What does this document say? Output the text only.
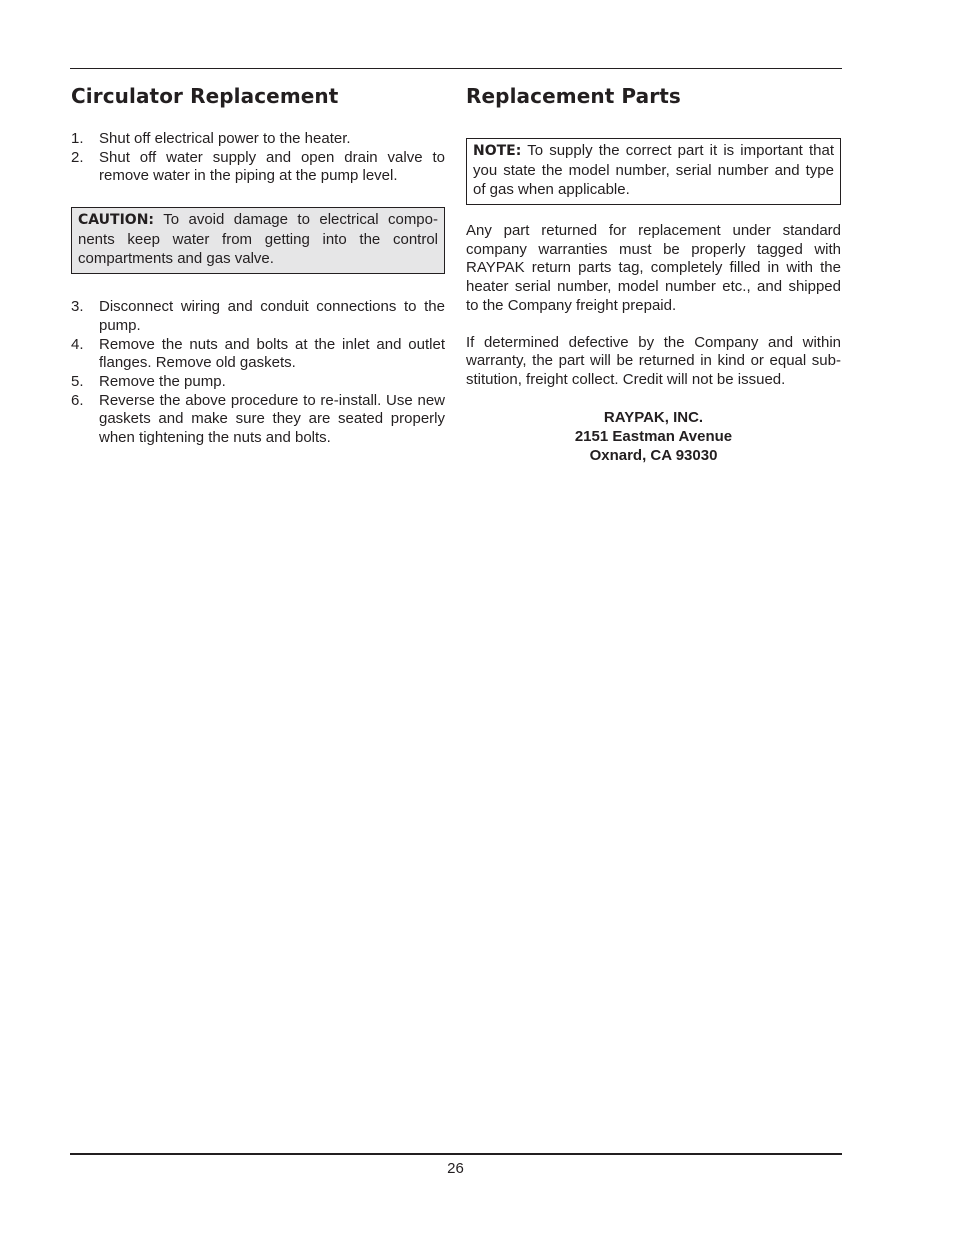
Circulator Replacement
1. Shut off electrical power to the heater.
2. Shut off water supply and open drain valve to remove water in the piping at the pump level.
CAUTION: To avoid damage to electrical components keep water from getting into the control compartments and gas valve.
3. Disconnect wiring and conduit connections to the pump.
4. Remove the nuts and bolts at the inlet and outlet flanges. Remove old gaskets.
5. Remove the pump.
6. Reverse the above procedure to re-install. Use new gaskets and make sure they are seated properly when tightening the nuts and bolts.
Replacement Parts
NOTE: To supply the correct part it is important that you state the model number, serial number and type of gas when applicable.

Any part returned for replacement under standard company warranties must be properly tagged with RAYPAK return parts tag, completely filled in with the heater serial number, model number etc., and shipped to the Company freight prepaid.

If determined defective by the Company and within warranty, the part will be returned in kind or equal substitution, freight collect. Credit will not be issued.

RAYPAK, INC.
2151 Eastman Avenue
Oxnard, CA 93030
26
